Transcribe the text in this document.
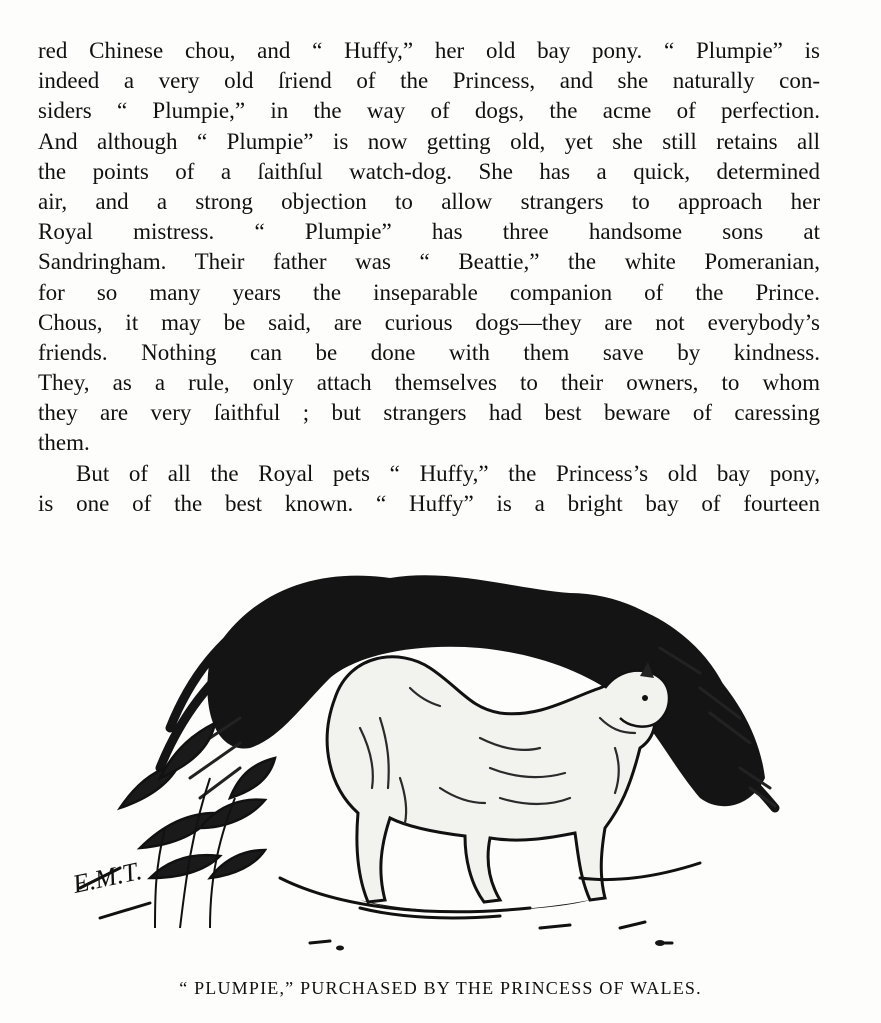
red Chinese chou, and “ Huffy,” her old bay pony. “ Plumpie” is
indeed a very old ſriend of the Princess, and she naturally con-
siders “ Plumpie,” in the way of dogs, the acme of perfection.
And although “ Plumpie” is now getting old, yet she still retains all
the points of a ſaithſul watch-dog. She has a quick, determined
air, and a strong objection to allow strangers to approach her
Royal mistress. “ Plumpie” has three handsome sons at
Sandringham. Their father was “ Beattie,” the white Pomeranian,
for so many years the inseparable companion of the Prince.
Chous, it may be said, are curious dogs—they are not everybody’s
friends. Nothing can be done with them save by kindness.
They, as a rule, only attach themselves to their owners, to whom
they are very ſaithful ; but strangers had best beware of caressing
them.
But of all the Royal pets “ Huffy,” the Princess’s old bay pony,
is one of the best known. “ Huffy” is a bright bay of fourteen
E.M.T.
“ PLUMPIE,” PURCHASED BY THE PRINCESS OF WALES.
